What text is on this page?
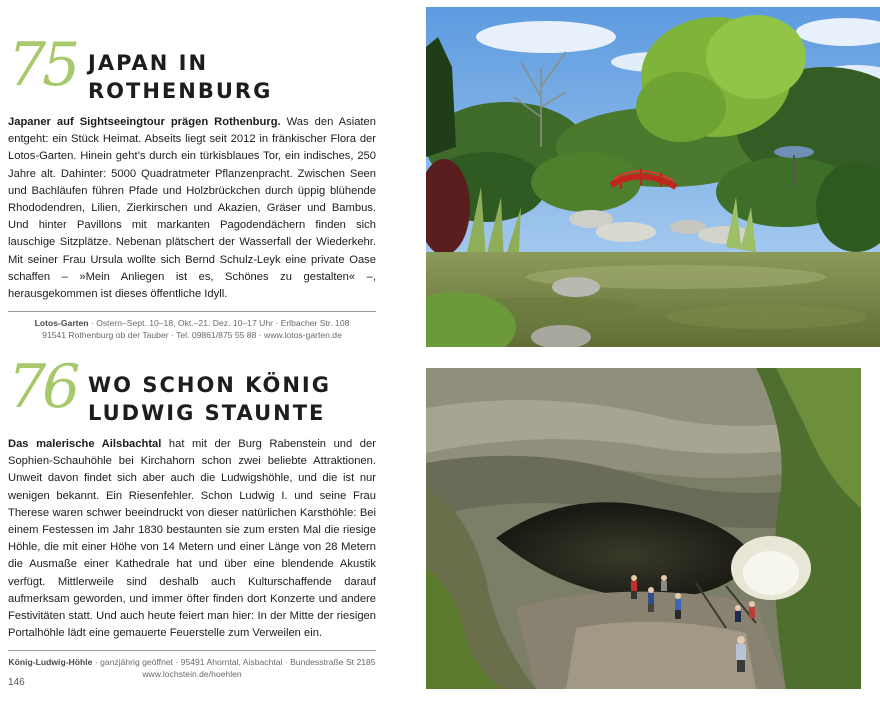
75 JAPAN IN
ROTHENBURG

Japaner auf Sightseeingtour prägen Rothenburg. Was den Asiaten entgeht: ein Stück Heimat. Abseits liegt seit 2012 in fränkischer Flora der Lotos-Garten. Hinein geht’s durch ein türkisblaues Tor, ein indisches, 250 Jahre alt. Dahinter: 5000 Quadratmeter Pflanzenpracht. Zwischen Seen und Bachläufen führen Pfade und Holzbrückchen durch üppig blühende Rhododendren, Lilien, Zierkirschen und Akazien, Gräser und Bambus. Und hinter Pavillons mit markanten Pagodendächern finden sich lauschige Sitzplätze. Nebenan plätschert der Wasserfall der Wiederkehr. Mit seiner Frau Ursula wollte sich Bernd Schulz-Leyk eine private Oase schaffen – »Mein Anliegen ist es, Schönes zu gestalten« –, herausgekommen ist dieses öffentliche Idyll.

Lotos-Garten · Ostern–Sept. 10–18, Okt.–21. Dez. 10–17 Uhr · Erlbacher Str. 108
91541 Rothenburg ob der Tauber · Tel. 09861/875 55 88 · www.lotos-garten.de
76 WO SCHON KÖNIG
LUDWIG STAUNTE

Das malerische Ailsbachtal hat mit der Burg Rabenstein und der Sophien-Schauhöhle bei Kirchahorn schon zwei beliebte Attraktionen. Unweit davon findet sich aber auch die Ludwigshöhle, und die ist nur wenigen bekannt. Ein Riesenfehler. Schon Ludwig I. und seine Frau Therese waren schwer beeindruckt von dieser natürlichen Karsthöhle: Bei einem Festessen im Jahr 1830 bestaunten sie zum ersten Mal die riesige Höhle, die mit einer Höhe von 14 Metern und einer Länge von 28 Metern die Ausmaße einer Kathedrale hat und über eine blendende Akustik verfügt. Mittlerweile sind deshalb auch Kulturschaffende darauf aufmerksam geworden, und immer öfter finden dort Konzerte und andere Festivitäten statt. Und auch heute feiert man hier: In der Mitte der riesigen Portalhöhle lädt eine gemauerte Feuerstelle zum Verweilen ein.

König-Ludwig-Höhle · ganzjährig geöffnet · 95491 Ahorntal, Aisbachtal · Bundesstraße St 2185
www.lochstein.de/hoehlen
146
